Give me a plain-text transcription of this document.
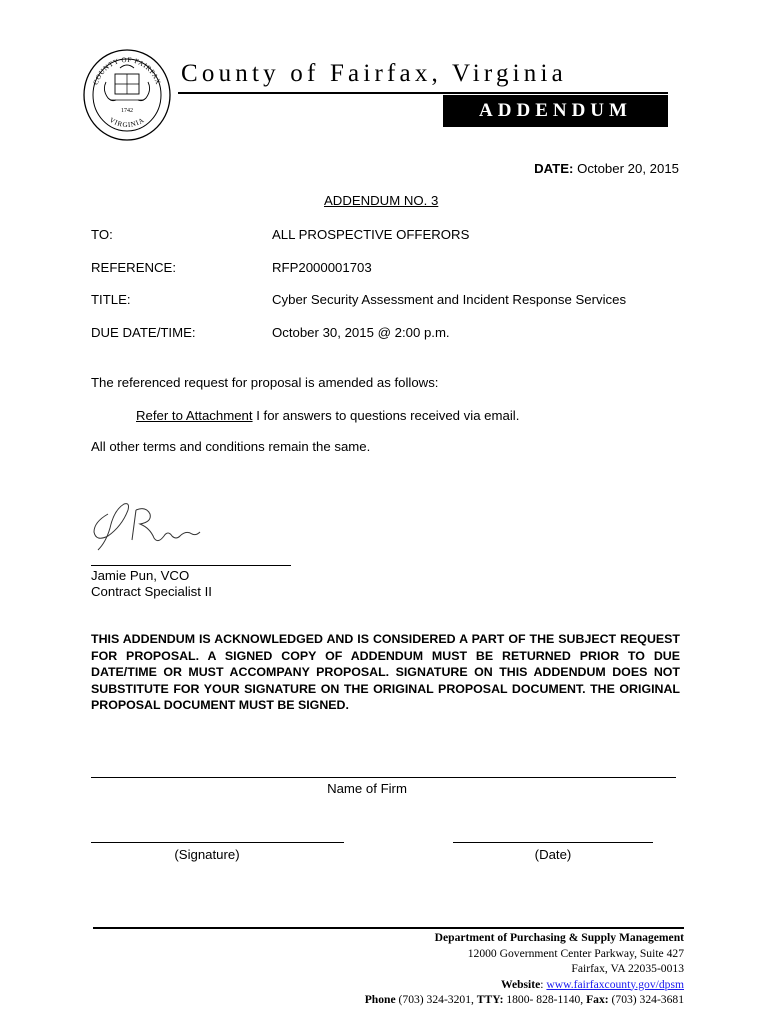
COUNTY OF FAIRFAX
VIRGINIA
1742
County of Fairfax, Virginia
ADDENDUM
DATE: October 20, 2015
ADDENDUM NO. 3
TO:	ALL PROSPECTIVE OFFERORS
REFERENCE:	RFP2000001703
TITLE:	Cyber Security Assessment and Incident Response Services
DUE DATE/TIME:	October 30, 2015 @ 2:00 p.m.
The referenced request for proposal is amended as follows:
Refer to Attachment I for answers to questions received via email.
All other terms and conditions remain the same.
Jamie Pun, VCO
Contract Specialist II
THIS ADDENDUM IS ACKNOWLEDGED AND IS CONSIDERED A PART OF THE SUBJECT REQUEST FOR PROPOSAL. A SIGNED COPY OF ADDENDUM MUST BE RETURNED PRIOR TO DUE DATE/TIME OR MUST ACCOMPANY PROPOSAL. SIGNATURE ON THIS ADDENDUM DOES NOT SUBSTITUTE FOR YOUR SIGNATURE ON THE ORIGINAL PROPOSAL DOCUMENT. THE ORIGINAL PROPOSAL DOCUMENT MUST BE SIGNED.
Name of Firm
(Signature)	(Date)
Department of Purchasing & Supply Management
12000 Government Center Parkway, Suite 427
Fairfax, VA 22035-0013
Website: www.fairfaxcounty.gov/dpsm
Phone (703) 324-3201, TTY: 1800- 828-1140, Fax: (703) 324-3681
